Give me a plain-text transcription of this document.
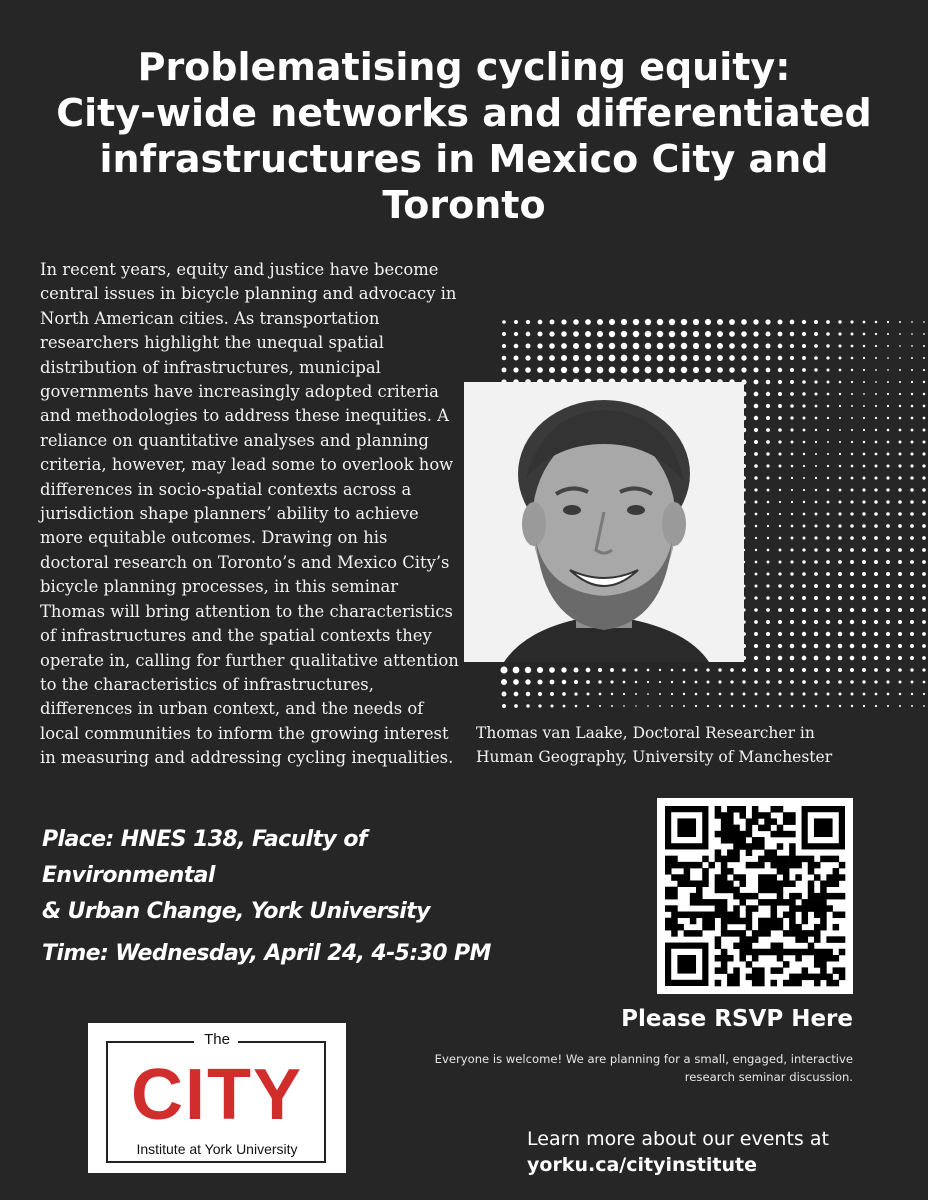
Problematising cycling equity:
City-wide networks and differentiated
infrastructures in Mexico City and
Toronto
In recent years, equity and justice have become central issues in bicycle planning and advocacy in North American cities. As transportation researchers highlight the unequal spatial distribution of infrastructures, municipal governments have increasingly adopted criteria and methodologies to address these inequities. A reliance on quantitative analyses and planning criteria, however, may lead some to overlook how differences in socio-spatial contexts across a jurisdiction shape planners’ ability to achieve more equitable outcomes. Drawing on his doctoral research on Toronto’s and Mexico City’s bicycle planning processes, in this seminar Thomas will bring attention to the characteristics of infrastructures and the spatial contexts they operate in, calling for further qualitative attention to the characteristics of infrastructures, differences in urban context, and the needs of local communities to inform the growing interest in measuring and addressing cycling inequalities.
Thomas van Laake, Doctoral Researcher in
Human Geography, University of Manchester
Place: HNES 138, Faculty of Environmental
& Urban Change, York University
Time: Wednesday, April 24, 4-5:30 PM
Please RSVP Here
Everyone is welcome! We are planning for a small, engaged, interactive
research seminar discussion.
Learn more about our events at
yorku.ca/cityinstitute
The
CITY
Institute at York University
